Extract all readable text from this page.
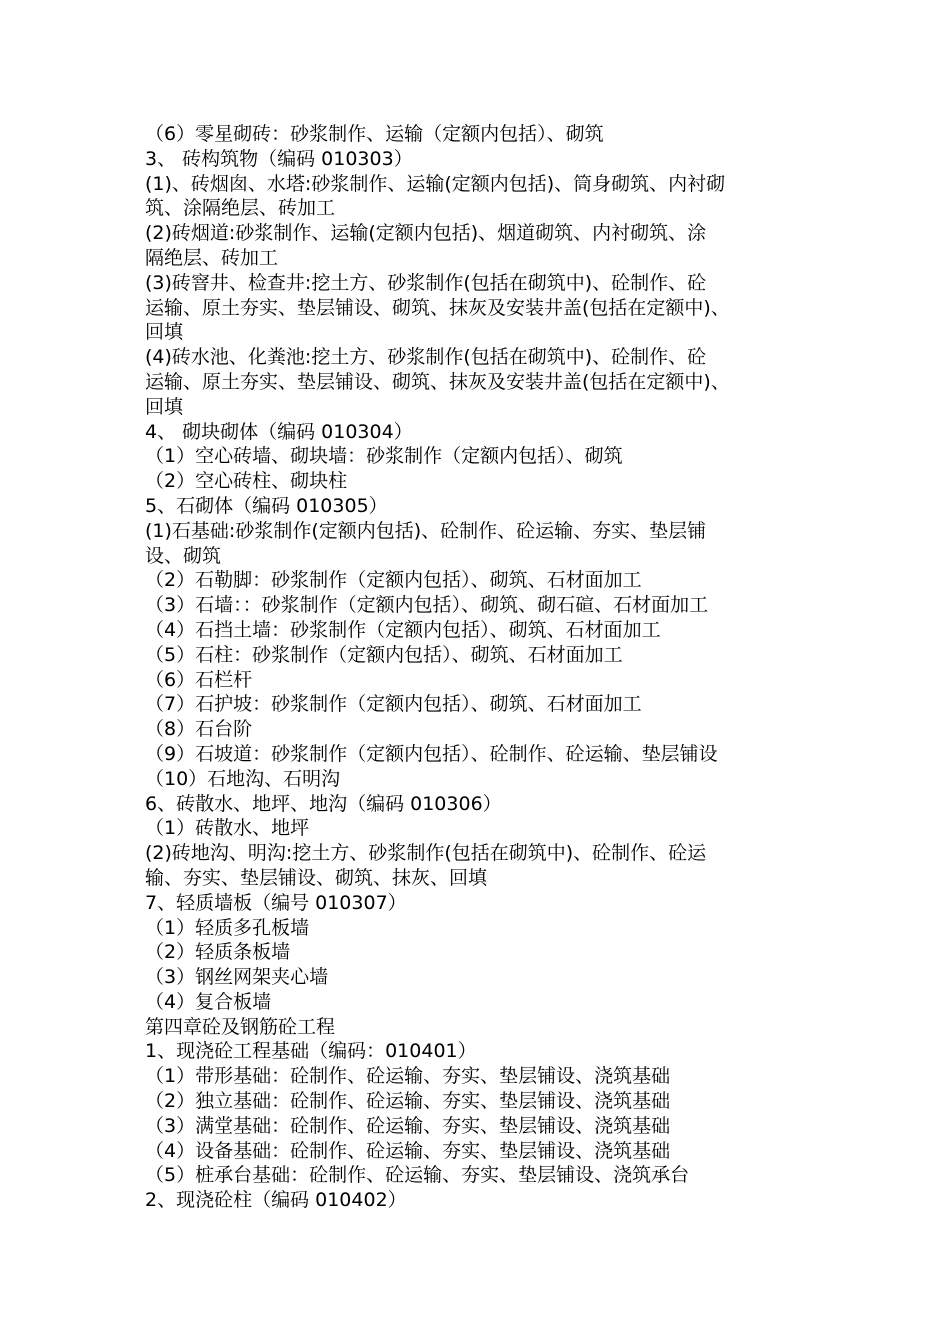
（6）零星砌砖：砂浆制作、运输（定额内包括）、砌筑
3、 砖构筑物（编码 010303）
(1)、砖烟囱、水塔:砂浆制作、运输(定额内包括)、筒身砌筑、内衬砌
筑、涂隔绝层、砖加工
(2)砖烟道:砂浆制作、运输(定额内包括)、烟道砌筑、内衬砌筑、涂
隔绝层、砖加工
(3)砖窨井、检查井:挖土方、砂浆制作(包括在砌筑中)、砼制作、砼
运输、原土夯实、垫层铺设、砌筑、抹灰及安装井盖(包括在定额中)、
回填
(4)砖水池、化粪池:挖土方、砂浆制作(包括在砌筑中)、砼制作、砼
运输、原土夯实、垫层铺设、砌筑、抹灰及安装井盖(包括在定额中)、
回填
4、 砌块砌体（编码 010304）
（1）空心砖墙、砌块墙：砂浆制作（定额内包括）、砌筑
（2）空心砖柱、砌块柱
5、石砌体（编码 010305）
(1)石基础:砂浆制作(定额内包括)、砼制作、砼运输、夯实、垫层铺
设、砌筑
（2）石勒脚：砂浆制作（定额内包括）、砌筑、石材面加工
（3）石墙：：砂浆制作（定额内包括）、砌筑、砌石碹、石材面加工
（4）石挡土墙：砂浆制作（定额内包括）、砌筑、石材面加工
（5）石柱：砂浆制作（定额内包括）、砌筑、石材面加工
（6）石栏杆
（7）石护坡：砂浆制作（定额内包括）、砌筑、石材面加工
（8）石台阶
（9）石坡道：砂浆制作（定额内包括）、砼制作、砼运输、垫层铺设
（10）石地沟、石明沟
6、砖散水、地坪、地沟（编码 010306）
（1）砖散水、地坪
(2)砖地沟、明沟:挖土方、砂浆制作(包括在砌筑中)、砼制作、砼运
输、夯实、垫层铺设、砌筑、抹灰、回填
7、轻质墙板（编号 010307）
（1）轻质多孔板墙
（2）轻质条板墙
（3）钢丝网架夹心墙
（4）复合板墙
第四章砼及钢筋砼工程
1、现浇砼工程基础（编码：010401）
（1）带形基础：砼制作、砼运输、夯实、垫层铺设、浇筑基础
（2）独立基础：砼制作、砼运输、夯实、垫层铺设、浇筑基础
（3）满堂基础：砼制作、砼运输、夯实、垫层铺设、浇筑基础
（4）设备基础：砼制作、砼运输、夯实、垫层铺设、浇筑基础
（5）桩承台基础：砼制作、砼运输、夯实、垫层铺设、浇筑承台
2、现浇砼柱（编码 010402）
